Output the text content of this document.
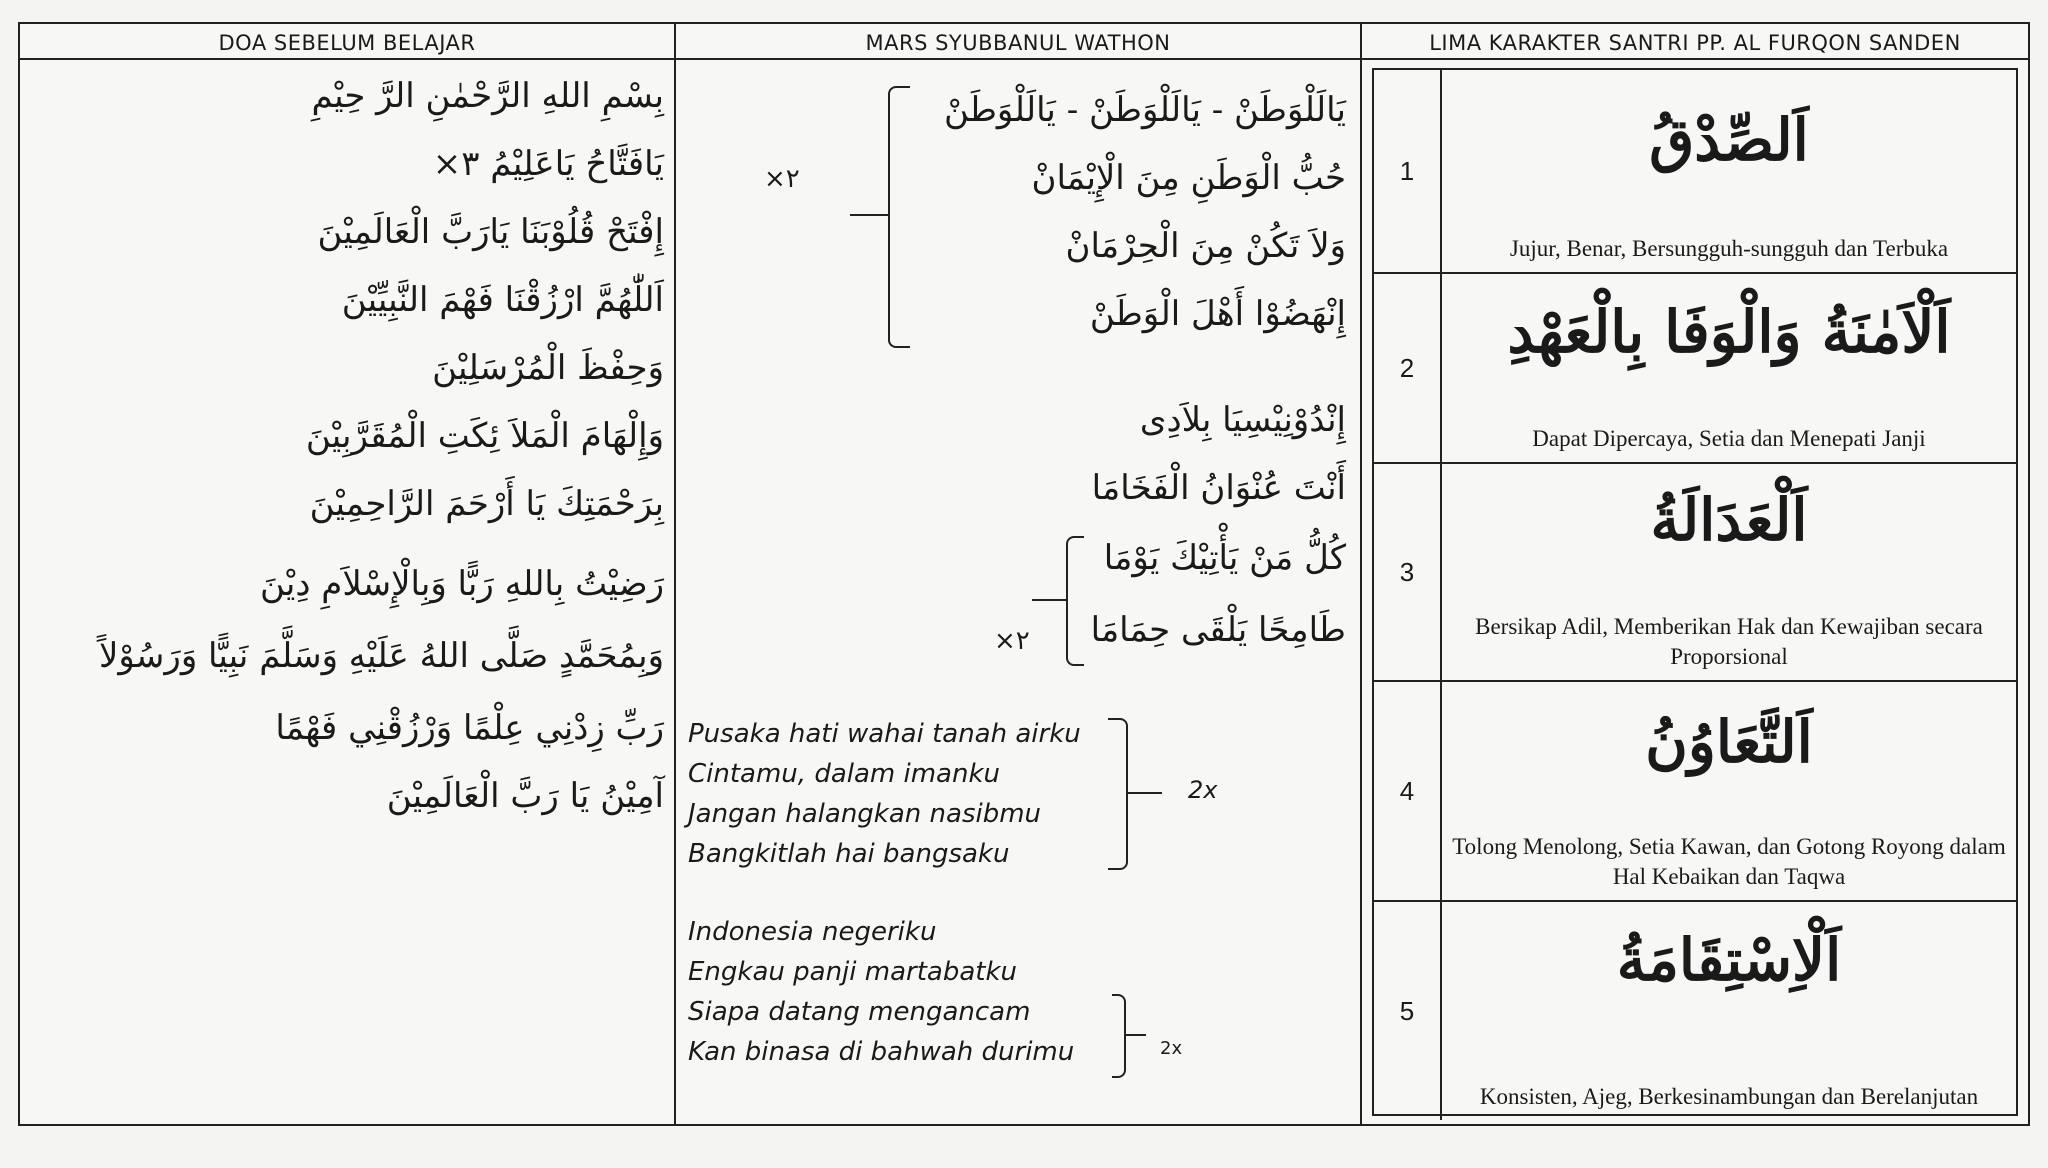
DOA SEBELUM BELAJAR
بِسْمِ اللهِ الرَّحْمٰنِ الرَّ حِيْمِ
يَافَتَّاحُ يَاعَلِيْمُ ٣×
إِفْتَحْ قُلُوْبَنَا يَارَبَّ الْعَالَمِيْنَ
اَللّٰهُمَّ ارْزُقْنَا فَهْمَ النَّبِيِّيْنَ
وَحِفْظَ الْمُرْسَلِيْنَ
وَإِلْهَامَ الْمَلاَ ئِكَتِ الْمُقَرَّبِيْنَ
بِرَحْمَتِكَ يَا أَرْحَمَ الرَّاحِمِيْنَ
رَضِيْتُ بِاللهِ رَبًّا وَبِالْإِسْلاَمِ دِيْنَ
وَبِمُحَمَّدٍ صَلَّى اللهُ عَلَيْهِ وَسَلَّمَ نَبِيًّا وَرَسُوْلاً
رَبِّ زِدْنِي عِلْمًا وَرْزُقْنِي فَهْمًا
آمِيْنُ يَا رَبَّ الْعَالَمِيْنَ
MARS SYUBBANUL WATHON
×٢
يَالَلْوَطَنْ - يَالَلْوَطَنْ - يَالَلْوَطَنْ
حُبُّ الْوَطَنِ مِنَ الْإِيْمَانْ
وَلاَ تَكُنْ مِنَ الْحِرْمَانْ
إِنْهَضُوْا أَهْلَ الْوَطَنْ
إِنْدُوْنِيْسِيَا بِلاَدِى
أَنْتَ عُنْوَانُ الْفَخَامَا
كُلُّ مَنْ يَأْتِيْكَ يَوْمَا
طَامِحًا يَلْقَى حِمَامَا
×٢
Pusaka hati wahai tanah airku
Cintamu, dalam imanku
Jangan halangkan nasibmu
Bangkitlah hai bangsaku
2x
Indonesia negeriku
Engkau panji martabatku
Siapa datang mengancam
Kan binasa di bahwah durimu	2x
LIMA KARAKTER SANTRI PP. AL FURQON SANDEN
1	اَلصِّدْقُ
Jujur, Benar, Bersungguh-sungguh dan Terbuka
2
اَلْاَمٰنَةُ وَالْوَفَا بِالْعَهْدِ
Dapat Dipercaya, Setia dan Menepati Janji
3
اَلْعَدَالَةُ
Bersikap Adil, Memberikan Hak dan Kewajiban secara Proporsional
4
اَلتَّعَاوُنُ
Tolong Menolong, Setia Kawan, dan Gotong Royong dalam Hal Kebaikan dan Taqwa
5
اَلْاِسْتِقَامَةُ
Konsisten, Ajeg, Berkesinambungan dan Berelanjutan
